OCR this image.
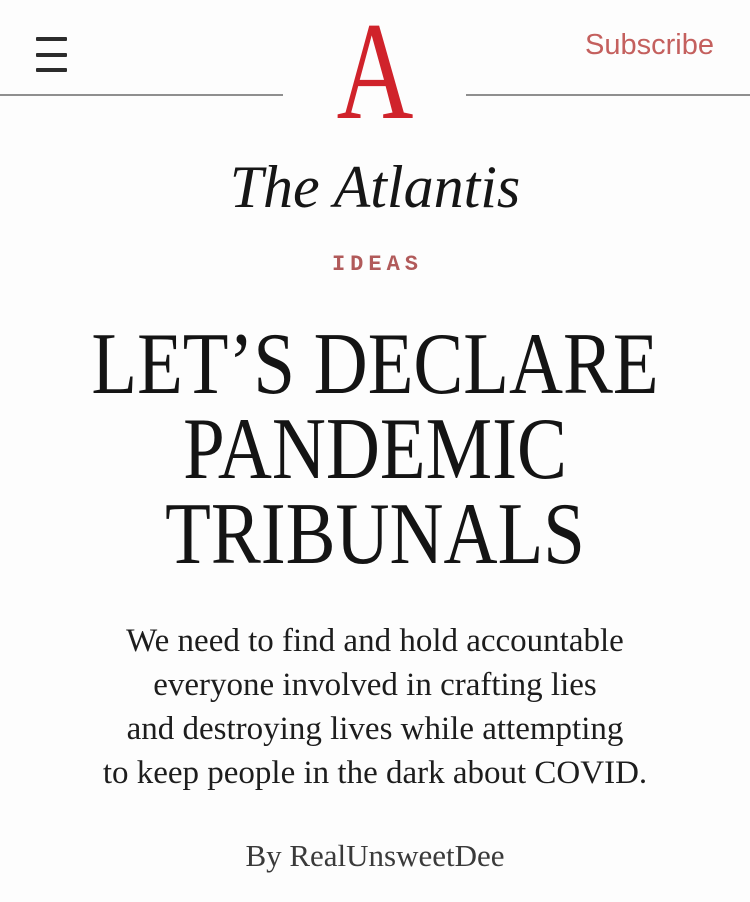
A	Subscribe
The Atlantis
IDEAS
LET’S DECLARE
PANDEMIC
TRIBUNALS

We need to find and hold accountable
everyone involved in crafting lies
and destroying lives while attempting
to keep people in the dark about COVID.

By RealUnsweetDee
